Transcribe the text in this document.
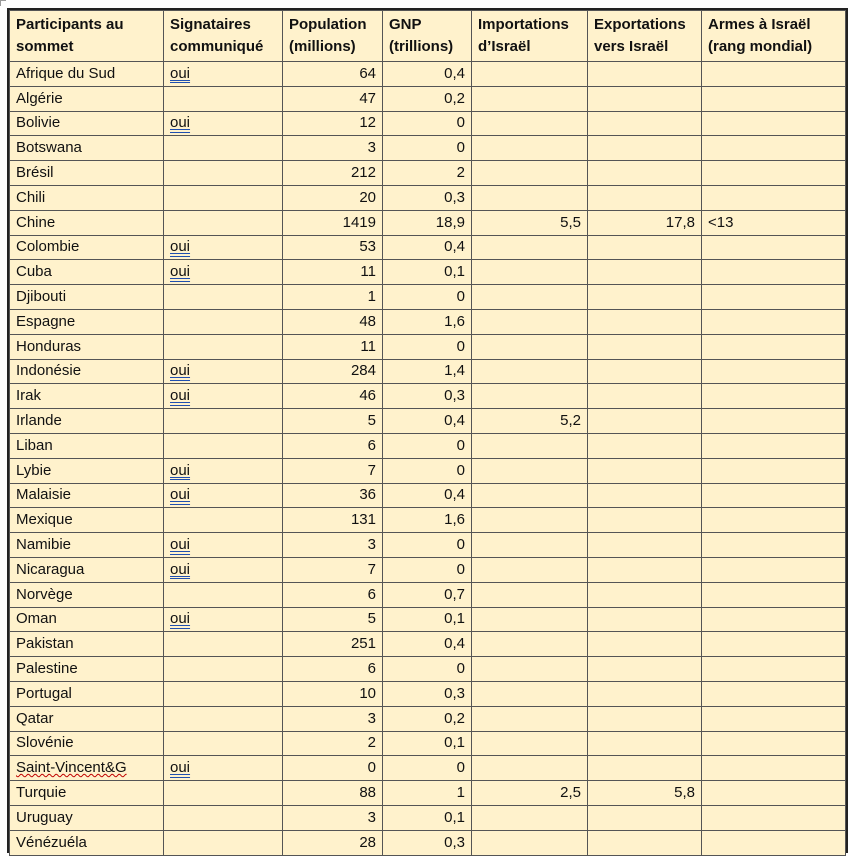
Participants au sommet	Signataires communiqué	Population (millions)	GNP (trillions)	Importations d’Israël	Exportations vers Israël	Armes à Israël (rang mondial)
Afrique du Sud	oui	64	0,4			
Algérie		47	0,2			
Bolivie	oui	12	0			
Botswana		3	0			
Brésil		212	2			
Chili		20	0,3			
Chine		1419	18,9	5,5	17,8	<13
Colombie	oui	53	0,4			
Cuba	oui	11	0,1			
Djibouti		1	0			
Espagne		48	1,6			
Honduras		11	0			
Indonésie	oui	284	1,4			
Irak	oui	46	0,3			
Irlande		5	0,4	5,2		
Liban		6	0			
Lybie	oui	7	0			
Malaisie	oui	36	0,4			
Mexique		131	1,6			
Namibie	oui	3	0			
Nicaragua	oui	7	0			
Norvège		6	0,7			
Oman	oui	5	0,1			
Pakistan		251	0,4			
Palestine		6	0			
Portugal		10	0,3			
Qatar		3	0,2			
Slovénie		2	0,1			
Saint-Vincent&G	oui	0	0			
Turquie		88	1	2,5	5,8	
Uruguay		3	0,1			
Vénézuéla		28	0,3			
